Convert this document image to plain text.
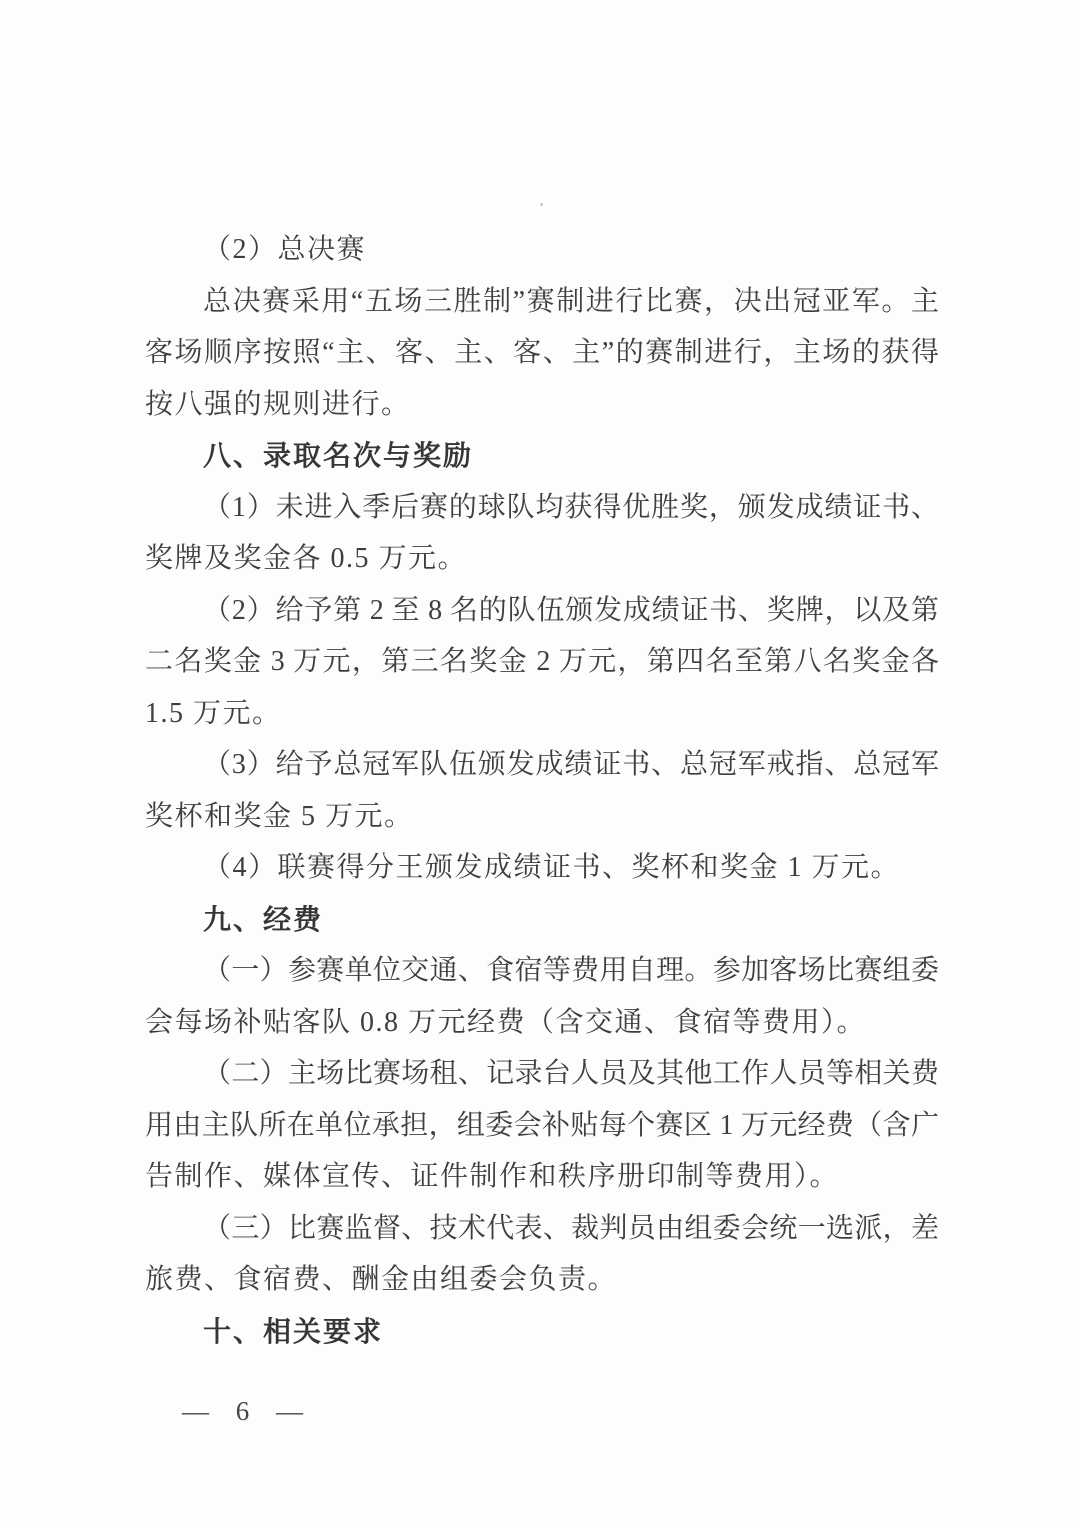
（2）总决赛
总决赛采用“五场三胜制”赛制进行比赛，决出冠亚军。主
客场顺序按照“主、客、主、客、主”的赛制进行，主场的获得
按八强的规则进行。
八、录取名次与奖励
（1）未进入季后赛的球队均获得优胜奖，颁发成绩证书、
奖牌及奖金各 0.5 万元。
（2）给予第 2 至 8 名的队伍颁发成绩证书、奖牌，以及第
二名奖金 3 万元，第三名奖金 2 万元，第四名至第八名奖金各
1.5 万元。
（3）给予总冠军队伍颁发成绩证书、总冠军戒指、总冠军
奖杯和奖金 5 万元。
（4）联赛得分王颁发成绩证书、奖杯和奖金 1 万元。
九、经费
（一）参赛单位交通、食宿等费用自理。参加客场比赛组委
会每场补贴客队 0.8 万元经费（含交通、食宿等费用）。
（二）主场比赛场租、记录台人员及其他工作人员等相关费
用由主队所在单位承担，组委会补贴每个赛区 1 万元经费（含广
告制作、媒体宣传、证件制作和秩序册印制等费用）。
（三）比赛监督、技术代表、裁判员由组委会统一选派，差
旅费、食宿费、酬金由组委会负责。
十、相关要求
— 6 —
